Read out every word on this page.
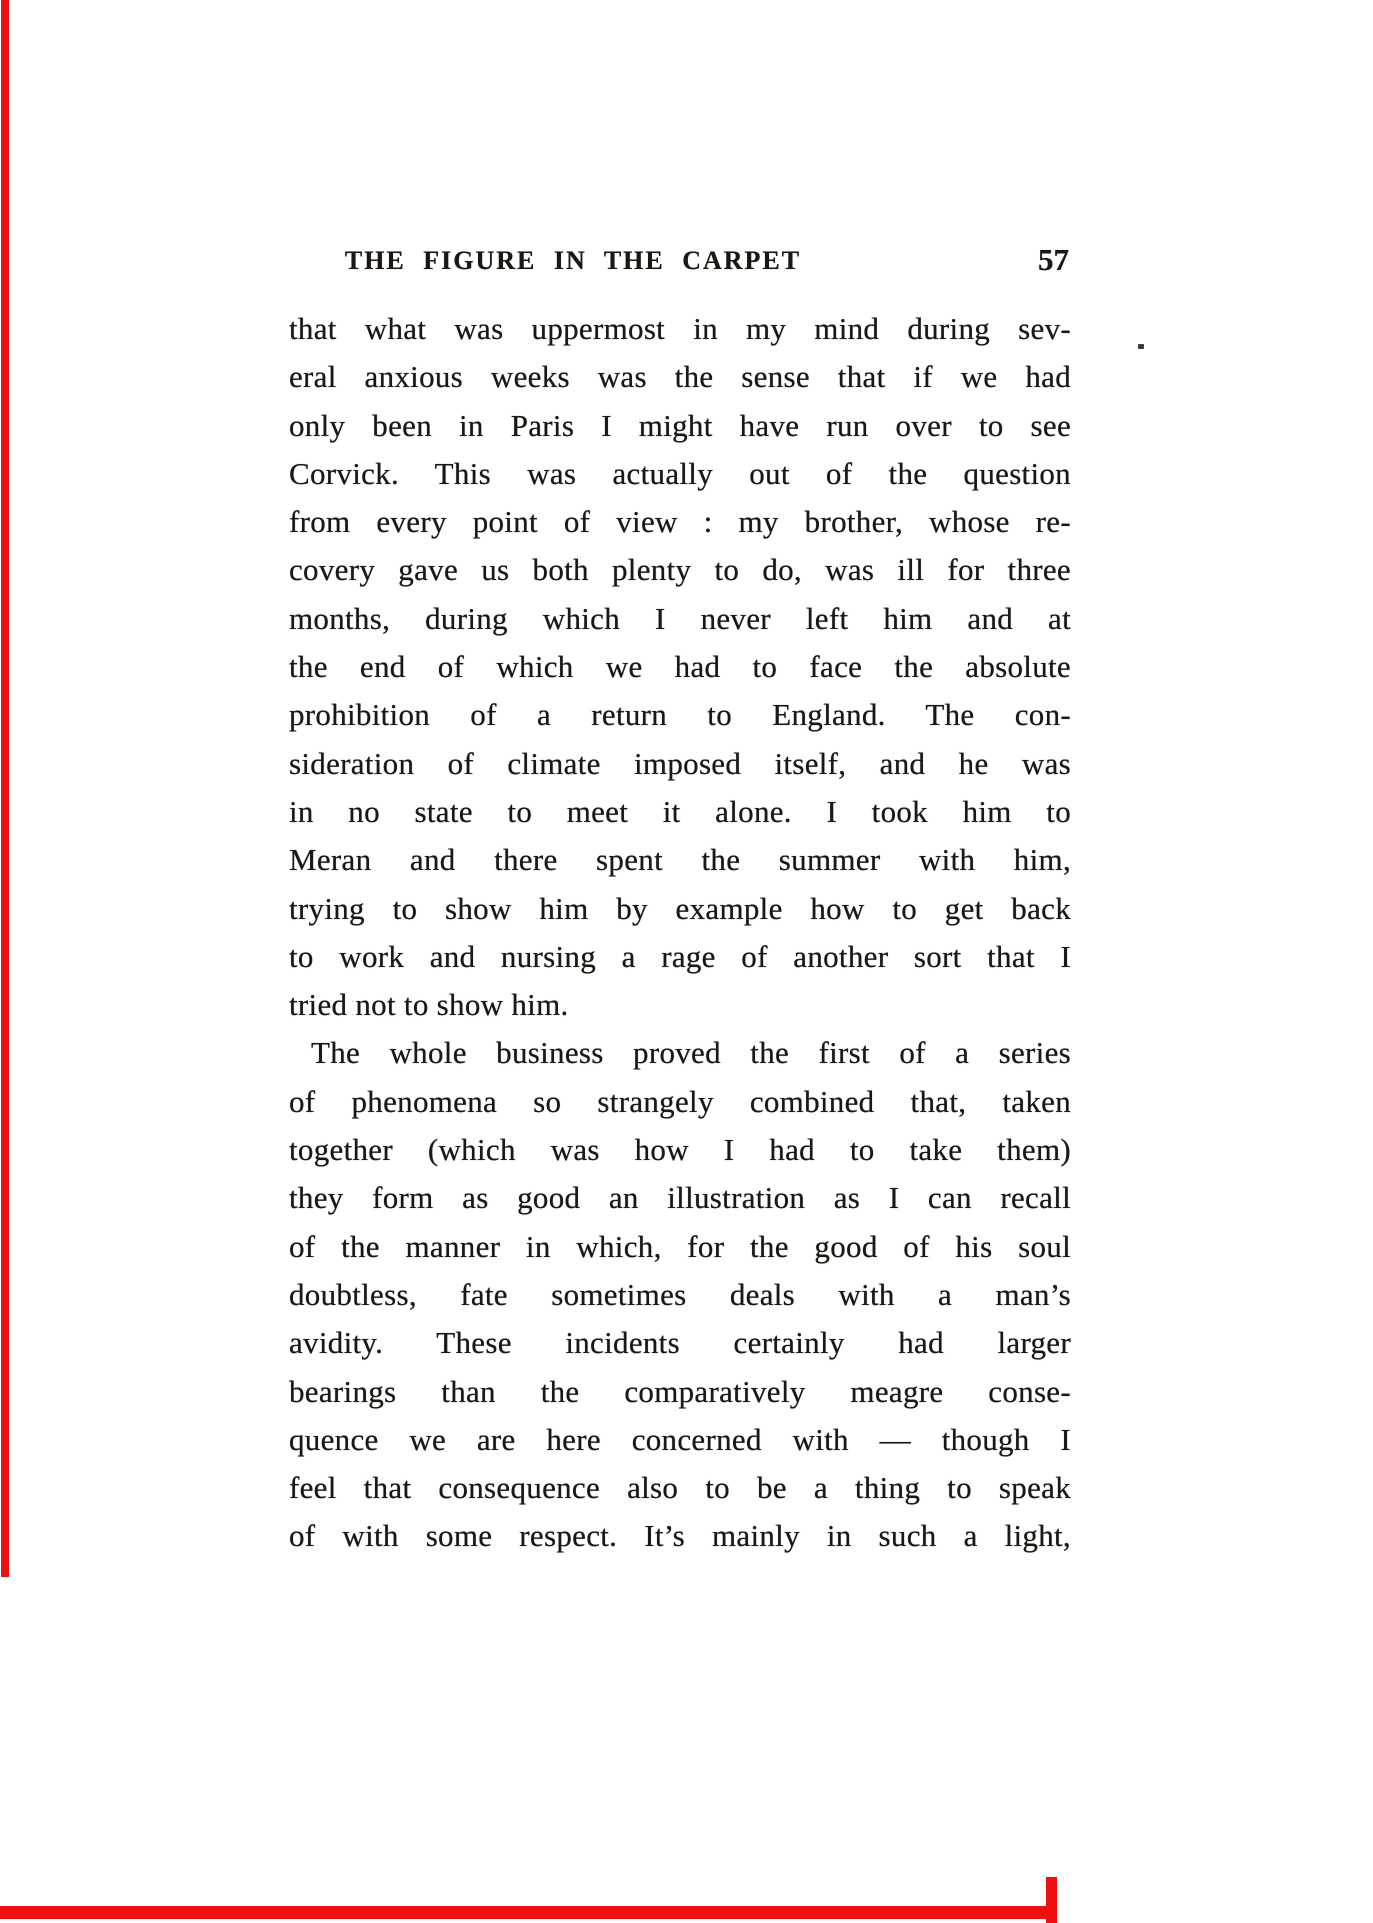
THE FIGURE IN THE CARPET	57
that what was uppermost in my mind during sev-
eral anxious weeks was the sense that if we had
only been in Paris I might have run over to see
Corvick. This was actually out of the question
from every point of view : my brother, whose re-
covery gave us both plenty to do, was ill for three
months, during which I never left him and at
the end of which we had to face the absolute
prohibition of a return to England. The con-
sideration of climate imposed itself, and he was
in no state to meet it alone. I took him to
Meran and there spent the summer with him,
trying to show him by example how to get back
to work and nursing a rage of another sort that I
tried not to show him.
The whole business proved the first of a series
of phenomena so strangely combined that, taken
together (which was how I had to take them)
they form as good an illustration as I can recall
of the manner in which, for the good of his soul
doubtless, fate sometimes deals with a man’s
avidity. These incidents certainly had larger
bearings than the comparatively meagre conse-
quence we are here concerned with — though I
feel that consequence also to be a thing to speak
of with some respect. It’s mainly in such a light,
